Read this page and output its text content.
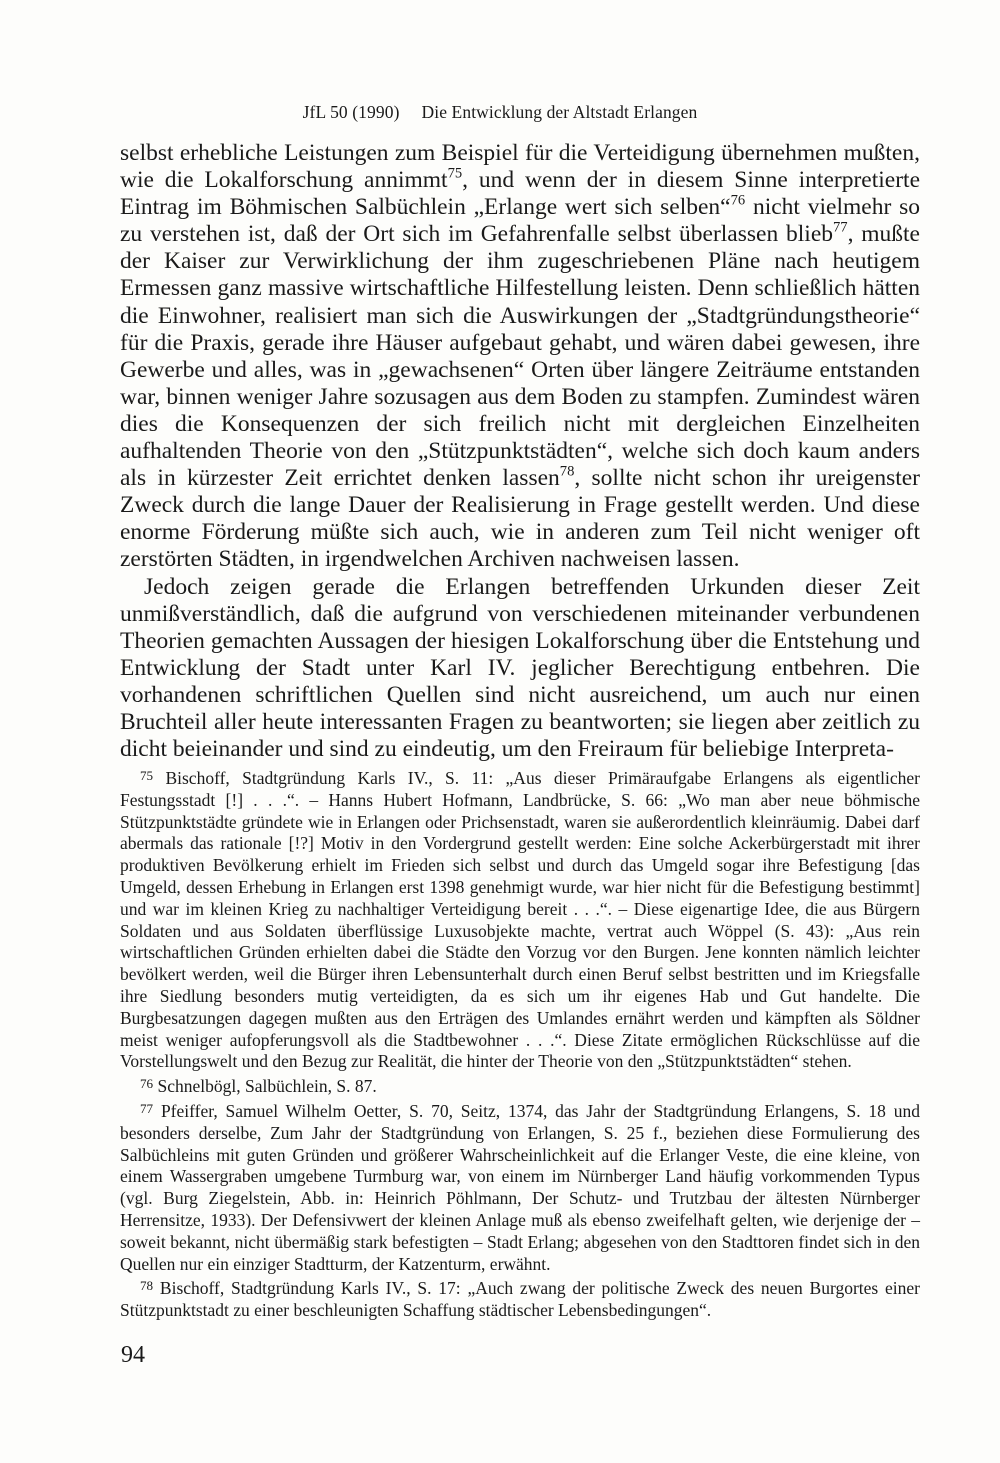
JfL 50 (1990) Die Entwicklung der Altstadt Erlangen

selbst erhebliche Leistungen zum Beispiel für die Verteidigung übernehmen mußten, wie die Lokalforschung annimmt$^{75}$, und wenn der in diesem Sinne interpretierte Eintrag im Böhmischen Salbüchlein „Erlange wert sich selben“$^{76}$ nicht vielmehr so zu verstehen ist, daß der Ort sich im Gefahrenfalle selbst überlassen blieb$^{77}$, mußte der Kaiser zur Verwirklichung der ihm zugeschriebenen Pläne nach heutigem Ermessen ganz massive wirtschaftliche Hilfestellung leisten. Denn schließlich hätten die Einwohner, realisiert man sich die Auswirkungen der „Stadtgründungstheorie“ für die Praxis, gerade ihre Häuser aufgebaut gehabt, und wären dabei gewesen, ihre Gewerbe und alles, was in „gewachsenen“ Orten über längere Zeiträume entstanden war, binnen weniger Jahre sozusagen aus dem Boden zu stampfen. Zumindest wären dies die Konsequenzen der sich freilich nicht mit dergleichen Einzelheiten aufhaltenden Theorie von den „Stützpunktstädten“, welche sich doch kaum anders als in kürzester Zeit errichtet denken lassen$^{78}$, sollte nicht schon ihr ureigenster Zweck durch die lange Dauer der Realisierung in Frage gestellt werden. Und diese enorme Förderung müßte sich auch, wie in anderen zum Teil nicht weniger oft zerstörten Städten, in irgendwelchen Archiven nachweisen lassen.

Jedoch zeigen gerade die Erlangen betreffenden Urkunden dieser Zeit unmißverständlich, daß die aufgrund von verschiedenen miteinander verbundenen Theorien gemachten Aussagen der hiesigen Lokalforschung über die Entstehung und Entwicklung der Stadt unter Karl IV. jeglicher Berechtigung entbehren. Die vorhandenen schriftlichen Quellen sind nicht ausreichend, um auch nur einen Bruchteil aller heute interessanten Fragen zu beantworten; sie liegen aber zeitlich zu dicht beieinander und sind zu eindeutig, um den Freiraum für beliebige Interpreta-

$^{75}$ Bischoff, Stadtgründung Karls IV., S. 11: „Aus dieser Primäraufgabe Erlangens als eigentlicher Festungsstadt [!] . . .“. – Hanns Hubert Hofmann, Landbrücke, S. 66: „Wo man aber neue böhmische Stützpunktstädte gründete wie in Erlangen oder Prichsenstadt, waren sie außerordentlich kleinräumig. Dabei darf abermals das rationale [!?] Motiv in den Vordergrund gestellt werden: Eine solche Ackerbürgerstadt mit ihrer produktiven Bevölkerung erhielt im Frieden sich selbst und durch das Umgeld sogar ihre Befestigung [das Umgeld, dessen Erhebung in Erlangen erst 1398 genehmigt wurde, war hier nicht für die Befestigung bestimmt] und war im kleinen Krieg zu nachhaltiger Verteidigung bereit . . .“. – Diese eigenartige Idee, die aus Bürgern Soldaten und aus Soldaten überflüssige Luxusobjekte machte, vertrat auch Wöppel (S. 43): „Aus rein wirtschaftlichen Gründen erhielten dabei die Städte den Vorzug vor den Burgen. Jene konnten nämlich leichter bevölkert werden, weil die Bürger ihren Lebensunterhalt durch einen Beruf selbst bestritten und im Kriegsfalle ihre Siedlung besonders mutig verteidigten, da es sich um ihr eigenes Hab und Gut handelte. Die Burgbesatzungen dagegen mußten aus den Erträgen des Umlandes ernährt werden und kämpften als Söldner meist weniger aufopferungsvoll als die Stadtbewohner . . .“. Diese Zitate ermöglichen Rückschlüsse auf die Vorstellungswelt und den Bezug zur Realität, die hinter der Theorie von den „Stützpunktstädten“ stehen.

$^{76}$ Schnelbögl, Salbüchlein, S. 87.

$^{77}$ Pfeiffer, Samuel Wilhelm Oetter, S. 70, Seitz, 1374, das Jahr der Stadtgründung Erlangens, S. 18 und besonders derselbe, Zum Jahr der Stadtgründung von Erlangen, S. 25 f., beziehen diese Formulierung des Salbüchleins mit guten Gründen und größerer Wahrscheinlichkeit auf die Erlanger Veste, die eine kleine, von einem Wassergraben umgebene Turmburg war, von einem im Nürnberger Land häufig vorkommenden Typus (vgl. Burg Ziegelstein, Abb. in: Heinrich Pöhlmann, Der Schutz- und Trutzbau der ältesten Nürnberger Herrensitze, 1933). Der Defensivwert der kleinen Anlage muß als ebenso zweifelhaft gelten, wie derjenige der – soweit bekannt, nicht übermäßig stark befestigten – Stadt Erlang; abgesehen von den Stadttoren findet sich in den Quellen nur ein einziger Stadtturm, der Katzenturm, erwähnt.

$^{78}$ Bischoff, Stadtgründung Karls IV., S. 17: „Auch zwang der politische Zweck des neuen Burgortes einer Stützpunktstadt zu einer beschleunigten Schaffung städtischer Lebensbedingungen“.

94
